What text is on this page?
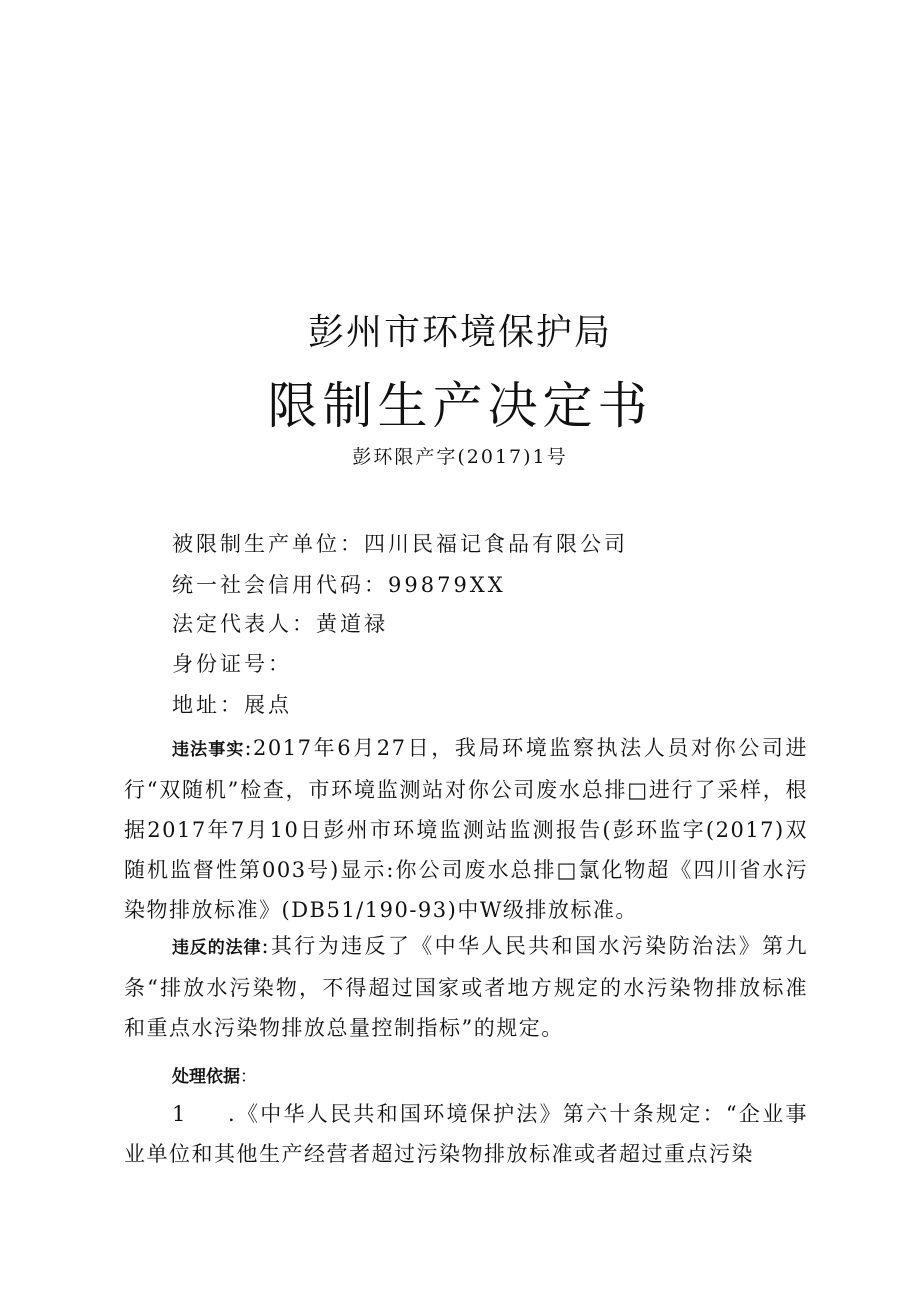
彭州市环境保护局
限制生产决定书
彭环限产字(2017)1号
被限制生产单位：四川民福记食品有限公司
统一社会信用代码：99879XX
法定代表人：黄道禄
身份证号：
地址：展点

违法事实:2017年6月27日，我局环境监察执法人员对你公司进行“双随机”检查，市环境监测站对你公司废水总排□进行了采样，根据2017年7月10日彭州市环境监测站监测报告(彭环监字(2017)双随机监督性第003号)显示:你公司废水总排□氯化物超《四川省水污染物排放标准》(DB51/190-93)中W级排放标准。

违反的法律:其行为违反了《中华人民共和国水污染防治法》第九条“排放水污染物，不得超过国家或者地方规定的水污染物排放标准和重点水污染物排放总量控制指标”的规定。

处理依据：

1 .《中华人民共和国环境保护法》第六十条规定：“企业事业单位和其他生产经营者超过污染物排放标准或者超过重点污染
